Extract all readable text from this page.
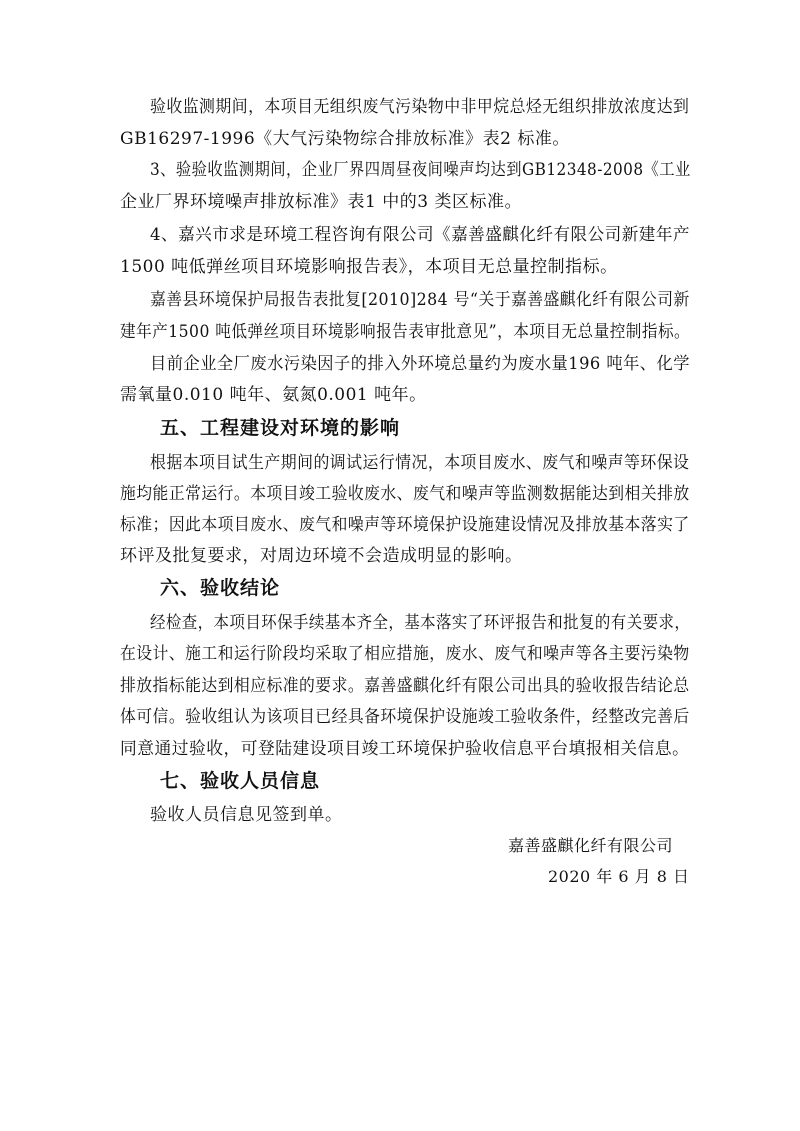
验收监测期间，本项目无组织废气污染物中非甲烷总烃无组织排放浓度达到
GB16297-1996《大气污染物综合排放标准》表2 标准。
3、验验收监测期间，企业厂界四周昼夜间噪声均达到GB12348-2008《工业
企业厂界环境噪声排放标准》表1 中的3 类区标准。
4、嘉兴市求是环境工程咨询有限公司《嘉善盛麒化纤有限公司新建年产
1500 吨低弹丝项目环境影响报告表》，本项目无总量控制指标。
嘉善县环境保护局报告表批复[2010]284 号“关于嘉善盛麒化纤有限公司新
建年产1500 吨低弹丝项目环境影响报告表审批意见”，本项目无总量控制指标。
目前企业全厂废水污染因子的排入外环境总量约为废水量196 吨年、化学
需氧量0.010 吨年、氨氮0.001 吨年。
五、工程建设对环境的影响
根据本项目试生产期间的调试运行情况，本项目废水、废气和噪声等环保设
施均能正常运行。本项目竣工验收废水、废气和噪声等监测数据能达到相关排放
标准；因此本项目废水、废气和噪声等环境保护设施建设情况及排放基本落实了
环评及批复要求，对周边环境不会造成明显的影响。
六、验收结论
经检查，本项目环保手续基本齐全，基本落实了环评报告和批复的有关要求，
在设计、施工和运行阶段均采取了相应措施，废水、废气和噪声等各主要污染物
排放指标能达到相应标准的要求。嘉善盛麒化纤有限公司出具的验收报告结论总
体可信。验收组认为该项目已经具备环境保护设施竣工验收条件，经整改完善后
同意通过验收，可登陆建设项目竣工环境保护验收信息平台填报相关信息。
七、验收人员信息
验收人员信息见签到单。
嘉善盛麒化纤有限公司
2020 年 6 月 8 日
